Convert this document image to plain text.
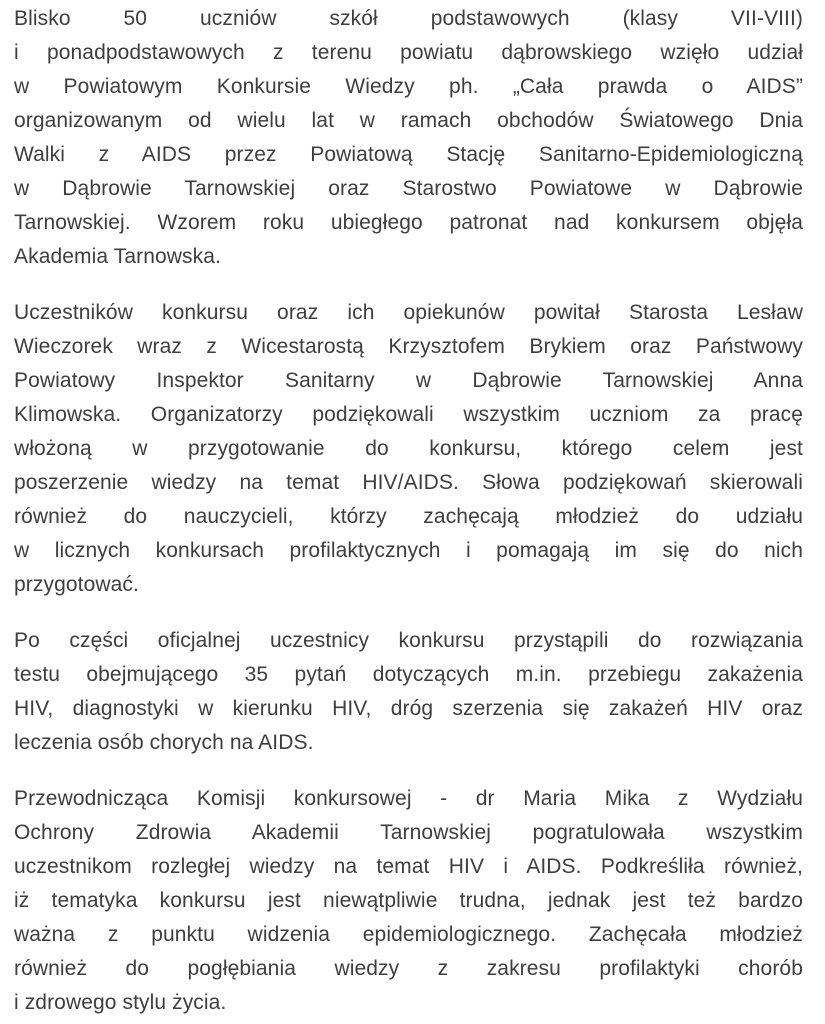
Blisko 50 uczniów szkół podstawowych (klasy VII-VIII)
i ponadpodstawowych z terenu powiatu dąbrowskiego wzięło udział
w Powiatowym Konkursie Wiedzy ph. „Cała prawda o AIDS”
organizowanym od wielu lat w ramach obchodów Światowego Dnia
Walki z AIDS przez Powiatową Stację Sanitarno-Epidemiologiczną
w Dąbrowie Tarnowskiej oraz Starostwo Powiatowe w Dąbrowie
Tarnowskiej. Wzorem roku ubiegłego patronat nad konkursem objęła
Akademia Tarnowska.
Uczestników konkursu oraz ich opiekunów powitał Starosta Lesław
Wieczorek wraz z Wicestarostą Krzysztofem Brykiem oraz Państwowy
Powiatowy Inspektor Sanitarny w Dąbrowie Tarnowskiej Anna
Klimowska. Organizatorzy podziękowali wszystkim uczniom za pracę
włożoną w przygotowanie do konkursu, którego celem jest
poszerzenie wiedzy na temat HIV/AIDS. Słowa podziękowań skierowali
również do nauczycieli, którzy zachęcają młodzież do udziału
w licznych konkursach profilaktycznych i pomagają im się do nich
przygotować.
Po części oficjalnej uczestnicy konkursu przystąpili do rozwiązania
testu obejmującego 35 pytań dotyczących m.in. przebiegu zakażenia
HIV, diagnostyki w kierunku HIV, dróg szerzenia się zakażeń HIV oraz
leczenia osób chorych na AIDS.
Przewodnicząca Komisji konkursowej - dr Maria Mika z Wydziału
Ochrony Zdrowia Akademii Tarnowskiej pogratulowała wszystkim
uczestnikom rozległej wiedzy na temat HIV i AIDS. Podkreśliła również,
iż tematyka konkursu jest niewątpliwie trudna, jednak jest też bardzo
ważna z punktu widzenia epidemiologicznego. Zachęcała młodzież
również do pogłębiania wiedzy z zakresu profilaktyki chorób
i zdrowego stylu życia.
